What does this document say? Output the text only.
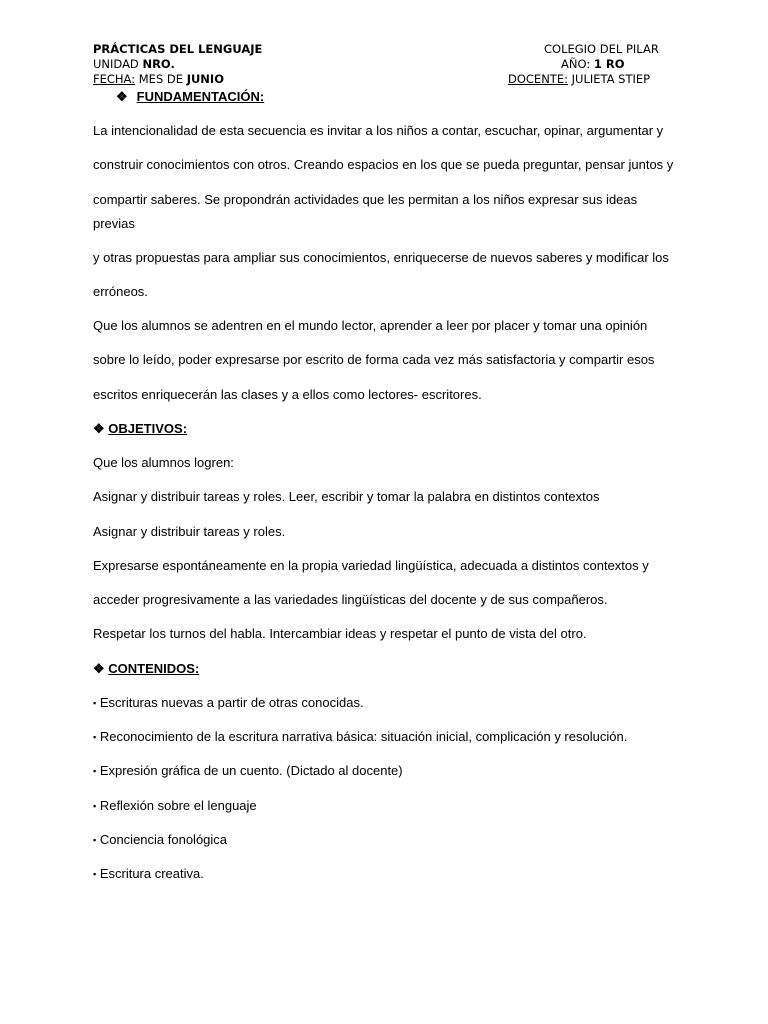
PRÁCTICAS DEL LENGUAJE	COLEGIO DEL PILAR
UNIDAD NRO.	AÑO: 1 RO
FECHA: MES DE JUNIO	DOCENTE: JULIETA STIEP
❖ FUNDAMENTACIÓN:
La intencionalidad de esta secuencia es invitar a los niños a contar, escuchar, opinar, argumentar y
construir conocimientos con otros. Creando espacios en los que se pueda preguntar, pensar juntos y
compartir saberes. Se propondrán actividades que les permitan a los niños expresar sus ideas
previas
y otras propuestas para ampliar sus conocimientos, enriquecerse de nuevos saberes y modificar los
erróneos.
Que los alumnos se adentren en el mundo lector, aprender a leer por placer y tomar una opinión
sobre lo leído, poder expresarse por escrito de forma cada vez más satisfactoria y compartir esos
escritos enriquecerán las clases y a ellos como lectores- escritores.
❖ OBJETIVOS:
Que los alumnos logren:
Asignar y distribuir tareas y roles. Leer, escribir y tomar la palabra en distintos contextos
Asignar y distribuir tareas y roles.
Expresarse espontáneamente en la propia variedad lingüística, adecuada a distintos contextos y
acceder progresivamente a las variedades lingüísticas del docente y de sus compañeros.
Respetar los turnos del habla. Intercambiar ideas y respetar el punto de vista del otro.
❖ CONTENIDOS:
▪ Escrituras nuevas a partir de otras conocidas.
▪ Reconocimiento de la escritura narrativa básica: situación inicial, complicación y resolución.
▪ Expresión gráfica de un cuento. (Dictado al docente)
▪ Reflexión sobre el lenguaje
▪ Conciencia fonológica
▪ Escritura creativa.
